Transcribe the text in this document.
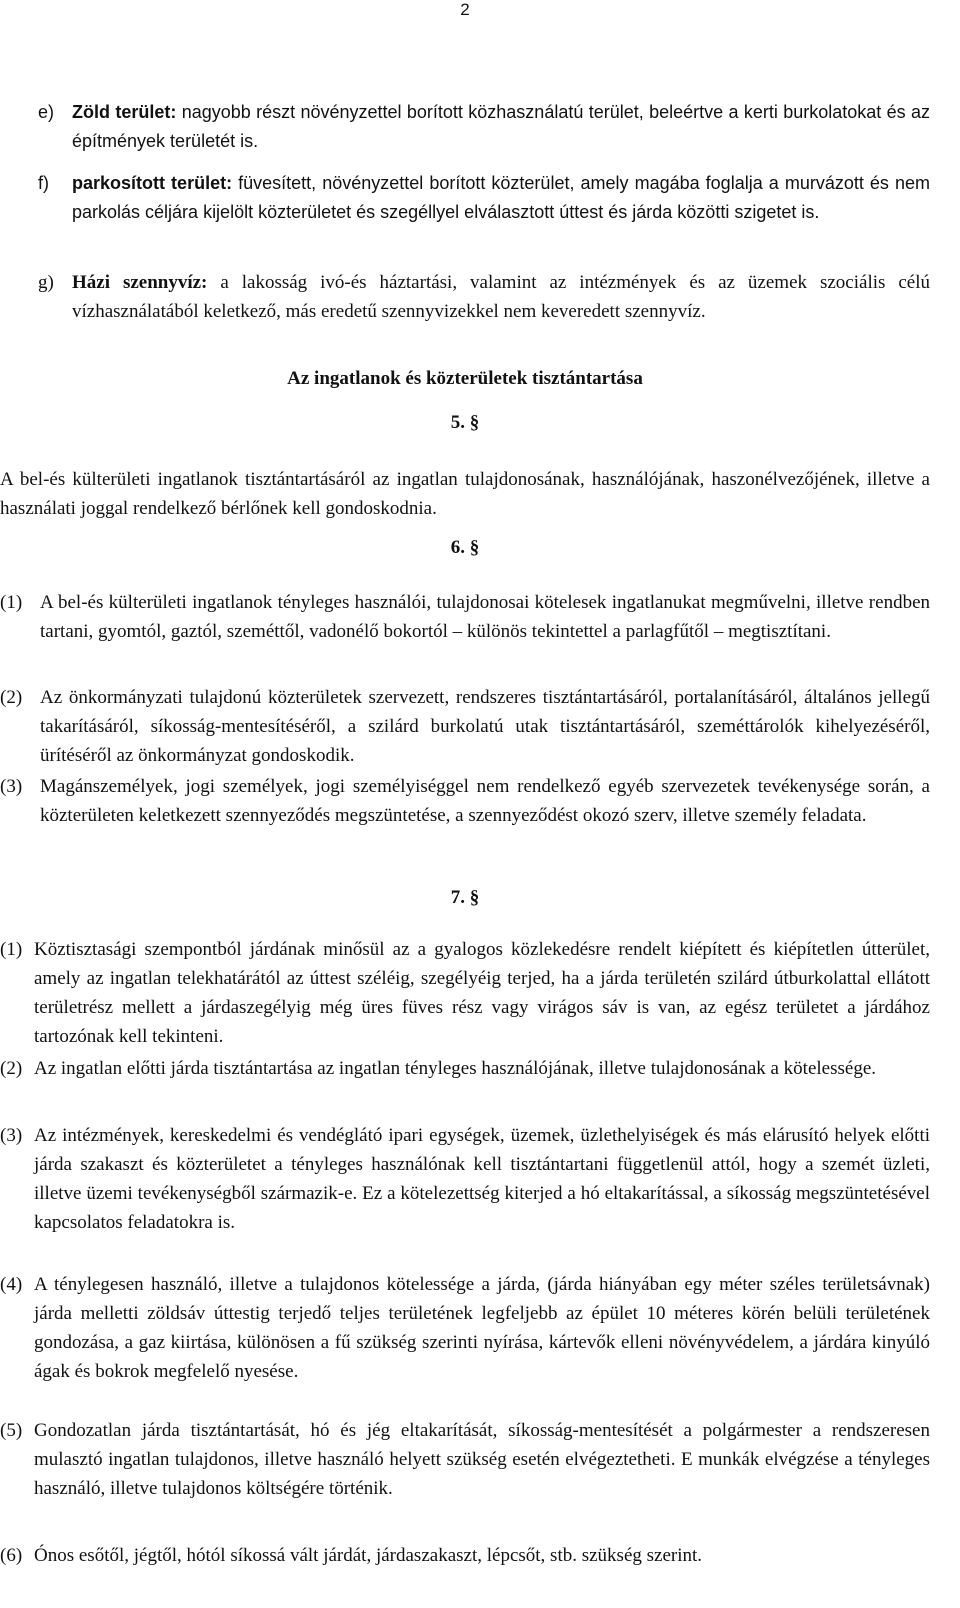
2
e) Zöld terület: nagyobb részt növényzettel borított közhasználatú terület, beleértve a kerti burkolatokat és az építmények területét is.
f)	parkosított terület: füvesített, növényzettel borított közterület, amely magába foglalja a murvázott és nem parkolás céljára kijelölt közterületet és szegéllyel elválasztott úttest és járda közötti szigetet is.
g) Házi szennyvíz: a lakosság ivó-és háztartási, valamint az intézmények és az üzemek szociális célú vízhasználatából keletkező, más eredetű szennyvizekkel nem keveredett szennyvíz.
Az ingatlanok és közterületek tisztántartása
5. §
A bel-és külterületi ingatlanok tisztántartásáról az ingatlan tulajdonosának, használójának, haszonélvezőjének, illetve a használati joggal rendelkező bérlőnek kell gondoskodnia.
6. §
(1) A bel-és külterületi ingatlanok tényleges használói, tulajdonosai kötelesek ingatlanukat megművelni, illetve rendben tartani, gyomtól, gaztól, szeméttől, vadonélő bokortól – különös tekintettel a parlagfűtől – megtisztítani.
(2) Az önkormányzati tulajdonú közterületek szervezett, rendszeres tisztántartásáról, portalanításáról, általános jellegű takarításáról, síkosság-mentesítéséről, a szilárd burkolatú utak tisztántartásáról, szeméttárolók kihelyezéséről, ürítéséről az önkormányzat gondoskodik.
(3) Magánszemélyek, jogi személyek, jogi személyiséggel nem rendelkező egyéb szervezetek tevékenysége során, a közterületen keletkezett szennyeződés megszüntetése, a szennyeződést okozó szerv, illetve személy feladata.
7. §
(1) Köztisztasági szempontból járdának minősül az a gyalogos közlekedésre rendelt kiépített és kiépítetlen útterület, amely az ingatlan telekhatárától az úttest széléig, szegélyéig terjed, ha a járda területén szilárd útburkolattal ellátott területrész mellett a járdaszegélyig még üres füves rész vagy virágos sáv is van, az egész területet a járdához tartozónak kell tekinteni.
(2) Az ingatlan előtti járda tisztántartása az ingatlan tényleges használójának, illetve tulajdonosának a kötelessége.
(3) Az intézmények, kereskedelmi és vendéglátó ipari egységek, üzemek, üzlethelyiségek és más elárusító helyek előtti járda szakaszt és közterületet a tényleges használónak kell tisztántartani függetlenül attól, hogy a szemét üzleti, illetve üzemi tevékenységből származik-e. Ez a kötelezettség kiterjed a hó eltakarítással, a síkosság megszüntetésével kapcsolatos feladatokra is.
(4) A ténylegesen használó, illetve a tulajdonos kötelessége a járda, (járda hiányában egy méter széles területsávnak) járda melletti zöldsáv úttestig terjedő teljes területének legfeljebb az épület 10 méteres körén belüli területének gondozása, a gaz kiirtása, különösen a fű szükség szerinti nyírása, kártevők elleni növényvédelem, a járdára kinyúló ágak és bokrok megfelelő nyesése.
(5) Gondozatlan járda tisztántartását, hó és jég eltakarítását, síkosság-mentesítését a polgármester a rendszeresen mulasztó ingatlan tulajdonos, illetve használó helyett szükség esetén elvégeztetheti. E munkák elvégzése a tényleges használó, illetve tulajdonos költségére történik.
(6) Ónos esőtől, jégtől, hótól síkossá vált járdát, járdaszakaszt, lépcsőt, stb. szükség szerint.
